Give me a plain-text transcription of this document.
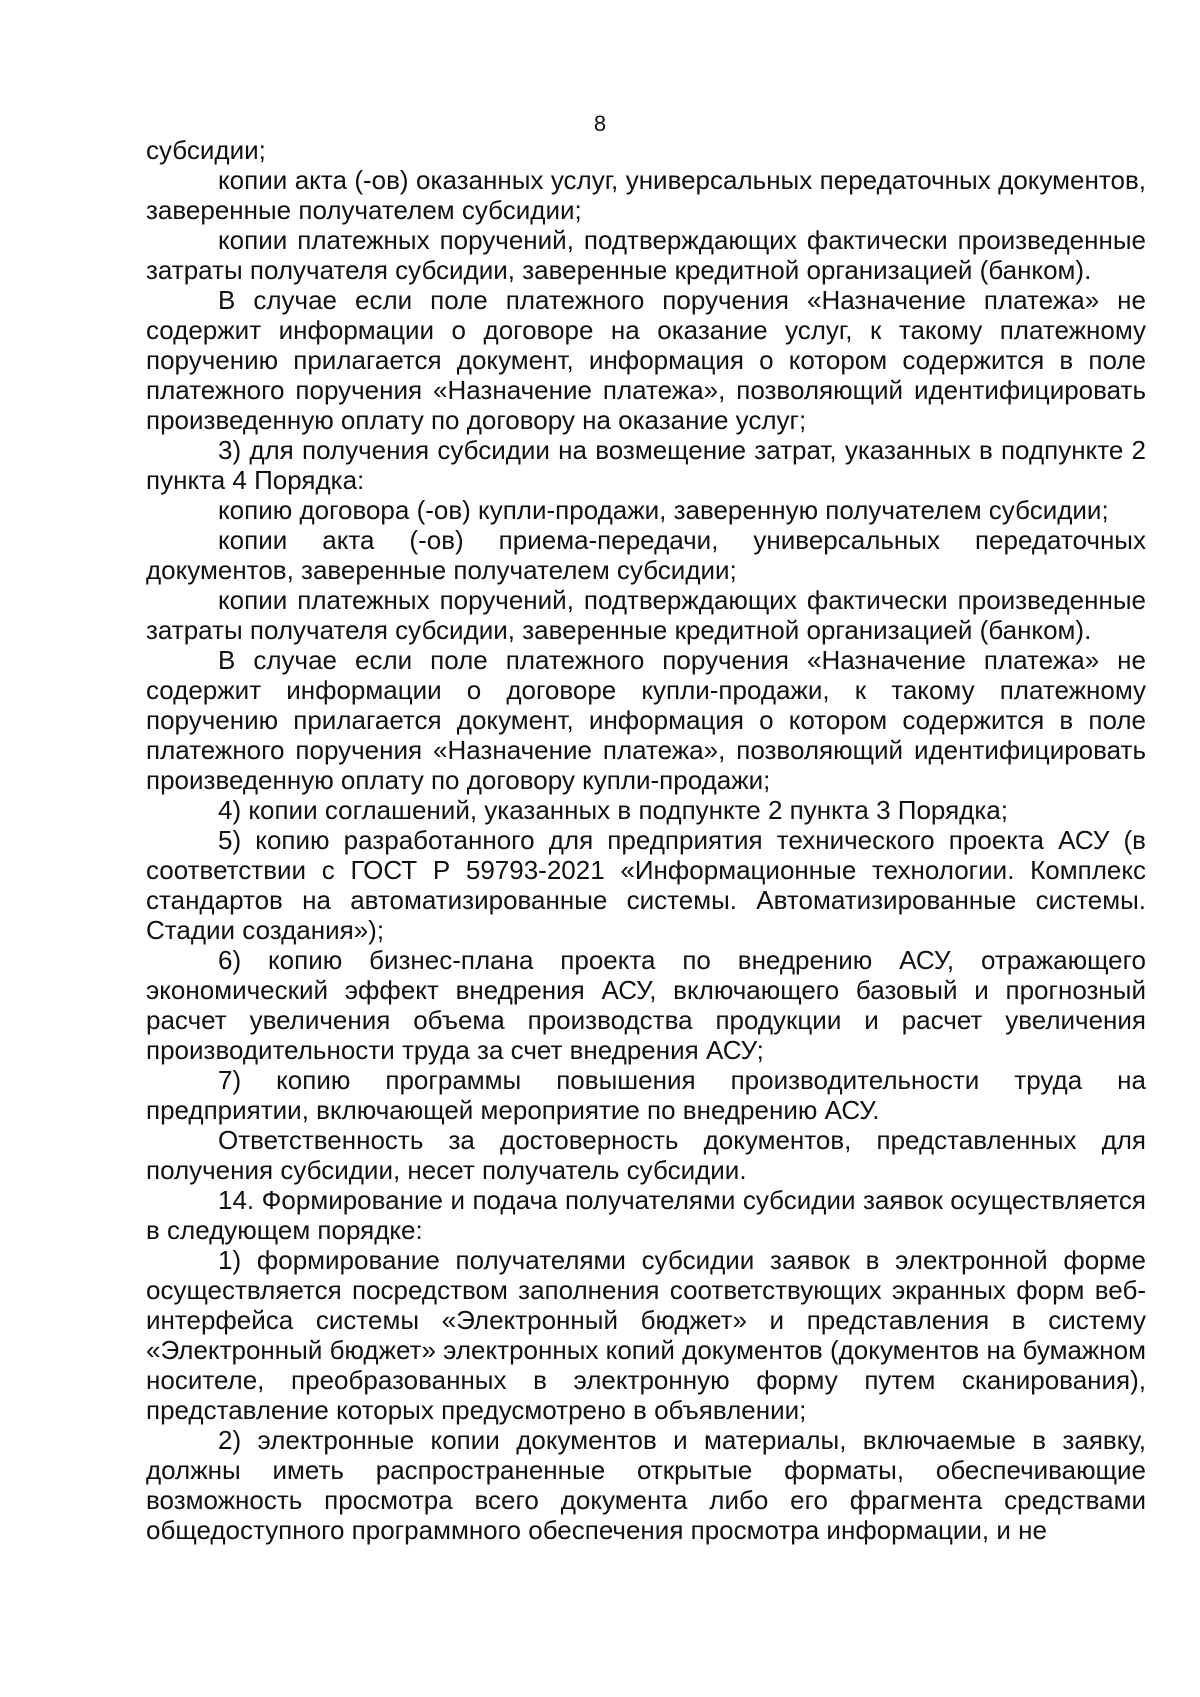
8

субсидии;

копии акта (-ов) оказанных услуг, универсальных передаточных документов, заверенные получателем субсидии;

копии платежных поручений, подтверждающих фактически произведенные затраты получателя субсидии, заверенные кредитной организацией (банком).

В случае если поле платежного поручения «Назначение платежа» не содержит информации о договоре на оказание услуг, к такому платежному поручению прилагается документ, информация о котором содержится в поле платежного поручения «Назначение платежа», позволяющий идентифицировать произведенную оплату по договору на оказание услуг;

3) для получения субсидии на возмещение затрат, указанных в подпункте 2 пункта 4 Порядка:

копию договора (-ов) купли-продажи, заверенную получателем субсидии;

копии акта (-ов) приема-передачи, универсальных передаточных документов, заверенные получателем субсидии;

копии платежных поручений, подтверждающих фактически произведенные затраты получателя субсидии, заверенные кредитной организацией (банком).

В случае если поле платежного поручения «Назначение платежа» не содержит информации о договоре купли-продажи, к такому платежному поручению прилагается документ, информация о котором содержится в поле платежного поручения «Назначение платежа», позволяющий идентифицировать произведенную оплату по договору купли-продажи;

4) копии соглашений, указанных в подпункте 2 пункта 3 Порядка;

5) копию разработанного для предприятия технического проекта АСУ (в соответствии с ГОСТ Р 59793-2021 «Информационные технологии. Комплекс стандартов на автоматизированные системы. Автоматизированные системы. Стадии создания»);

6) копию бизнес-плана проекта по внедрению АСУ, отражающего экономический эффект внедрения АСУ, включающего базовый и прогнозный расчет увеличения объема производства продукции и расчет увеличения производительности труда за счет внедрения АСУ;

7) копию программы повышения производительности труда на предприятии, включающей мероприятие по внедрению АСУ.

Ответственность за достоверность документов, представленных для получения субсидии, несет получатель субсидии.

14. Формирование и подача получателями субсидии заявок осуществляется в следующем порядке:

1) формирование получателями субсидии заявок в электронной форме осуществляется посредством заполнения соответствующих экранных форм веб-интерфейса системы «Электронный бюджет» и представления в систему «Электронный бюджет» электронных копий документов (документов на бумажном носителе, преобразованных в электронную форму путем сканирования), представление которых предусмотрено в объявлении;

2) электронные копии документов и материалы, включаемые в заявку, должны иметь распространенные открытые форматы, обеспечивающие возможность просмотра всего документа либо его фрагмента средствами общедоступного программного обеспечения просмотра информации, и не
